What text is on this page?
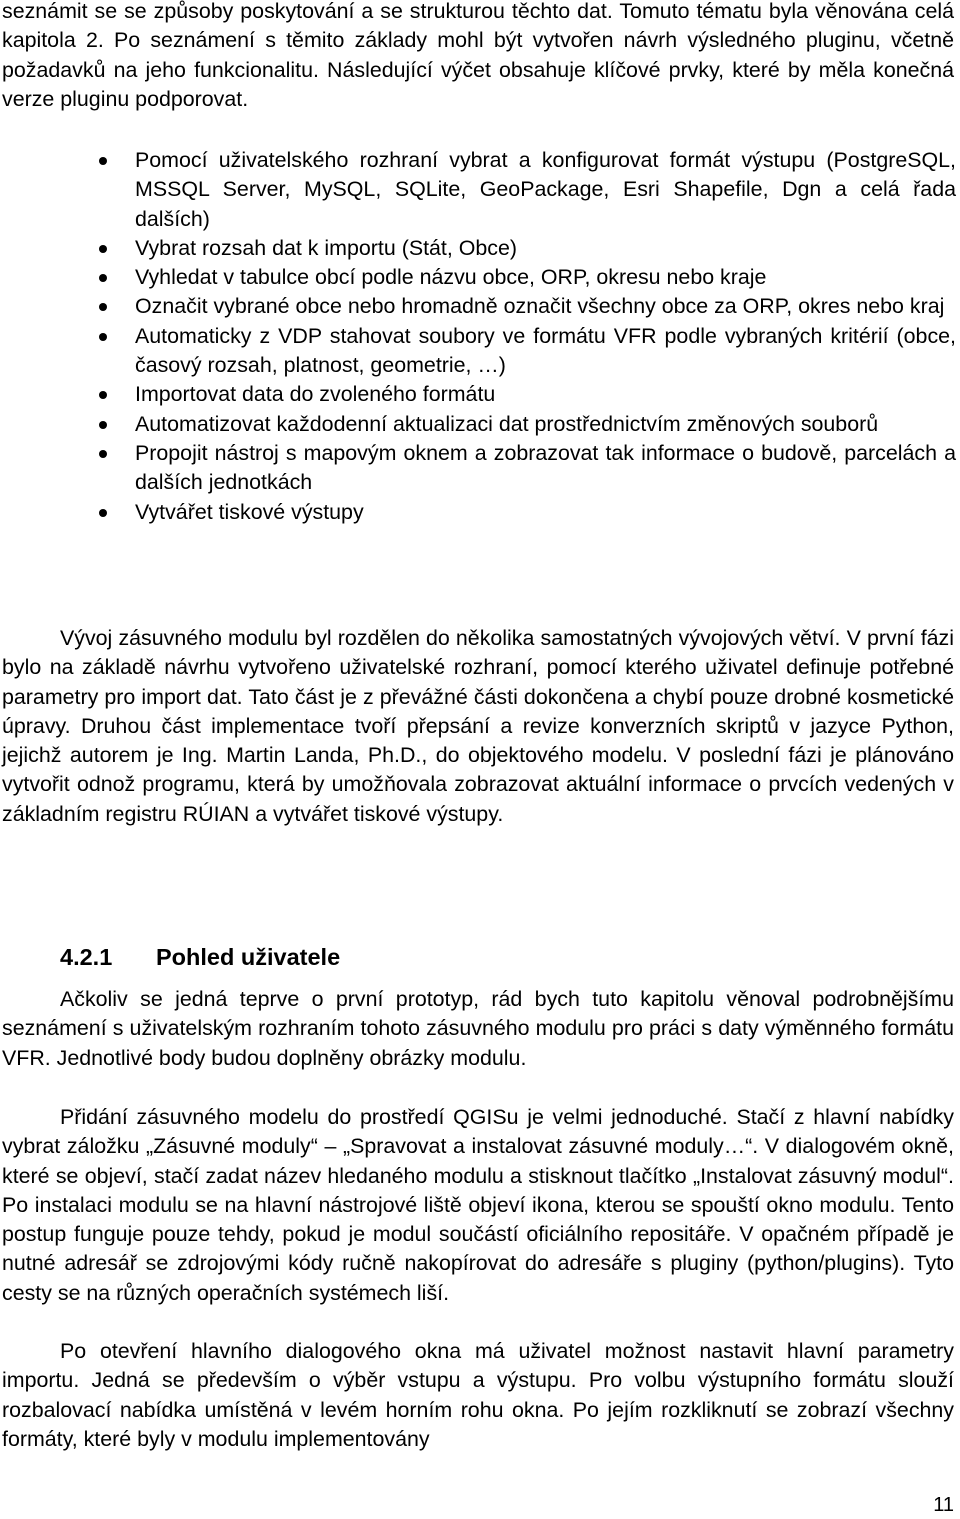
seznámit se se způsoby poskytování a se strukturou těchto dat. Tomuto tématu byla věnována celá kapitola 2. Po seznámení s těmito základy mohl být vytvořen návrh výsledného pluginu, včetně požadavků na jeho funkcionalitu. Následující výčet obsahuje klíčové prvky, které by měla konečná verze pluginu podporovat.

Pomocí uživatelského rozhraní vybrat a konfigurovat formát výstupu (PostgreSQL, MSSQL Server, MySQL, SQLite, GeoPackage, Esri Shapefile, Dgn a celá řada dalších)
Vybrat rozsah dat k importu (Stát, Obce)
Vyhledat v tabulce obcí podle názvu obce, ORP, okresu nebo kraje
Označit vybrané obce nebo hromadně označit všechny obce za ORP, okres nebo kraj
Automaticky z VDP stahovat soubory ve formátu VFR podle vybraných kritérií (obce, časový rozsah, platnost, geometrie, …)
Importovat data do zvoleného formátu
Automatizovat každodenní aktualizaci dat prostřednictvím změnových souborů
Propojit nástroj s mapovým oknem a zobrazovat tak informace o budově, parcelách a dalších jednotkách
Vytvářet tiskové výstupy

Vývoj zásuvného modulu byl rozdělen do několika samostatných vývojových větví. V první fázi bylo na základě návrhu vytvořeno uživatelské rozhraní, pomocí kterého uživatel definuje potřebné parametry pro import dat. Tato část je z převážné části dokončena a chybí pouze drobné kosmetické úpravy. Druhou část implementace tvoří přepsání a revize konverzních skriptů v jazyce Python, jejichž autorem je Ing. Martin Landa, Ph.D., do objektového modelu. V poslední fázi je plánováno vytvořit odnož programu, která by umožňovala zobrazovat aktuální informace o prvcích vedených v základním registru RÚIAN a vytvářet tiskové výstupy.

4.2.1 Pohled uživatele

Ačkoliv se jedná teprve o první prototyp, rád bych tuto kapitolu věnoval podrobnějšímu seznámení s uživatelským rozhraním tohoto zásuvného modulu pro práci s daty výměnného formátu VFR. Jednotlivé body budou doplněny obrázky modulu.

Přidání zásuvného modelu do prostředí QGISu je velmi jednoduché. Stačí z hlavní nabídky vybrat záložku „Zásuvné moduly“ – „Spravovat a instalovat zásuvné moduly…“. V dialogovém okně, které se objeví, stačí zadat název hledaného modulu a stisknout tlačítko „Instalovat zásuvný modul“. Po instalaci modulu se na hlavní nástrojové liště objeví ikona, kterou se spouští okno modulu. Tento postup funguje pouze tehdy, pokud je modul součástí oficiálního repositáře. V opačném případě je nutné adresář se zdrojovými kódy ručně nakopírovat do adresáře s pluginy (python/plugins). Tyto cesty se na různých operačních systémech liší.

Po otevření hlavního dialogového okna má uživatel možnost nastavit hlavní parametry importu. Jedná se především o výběr vstupu a výstupu. Pro volbu výstupního formátu slouží rozbalovací nabídka umístěná v levém horním rohu okna. Po jejím rozkliknutí se zobrazí všechny formáty, které byly v modulu implementovány

11
